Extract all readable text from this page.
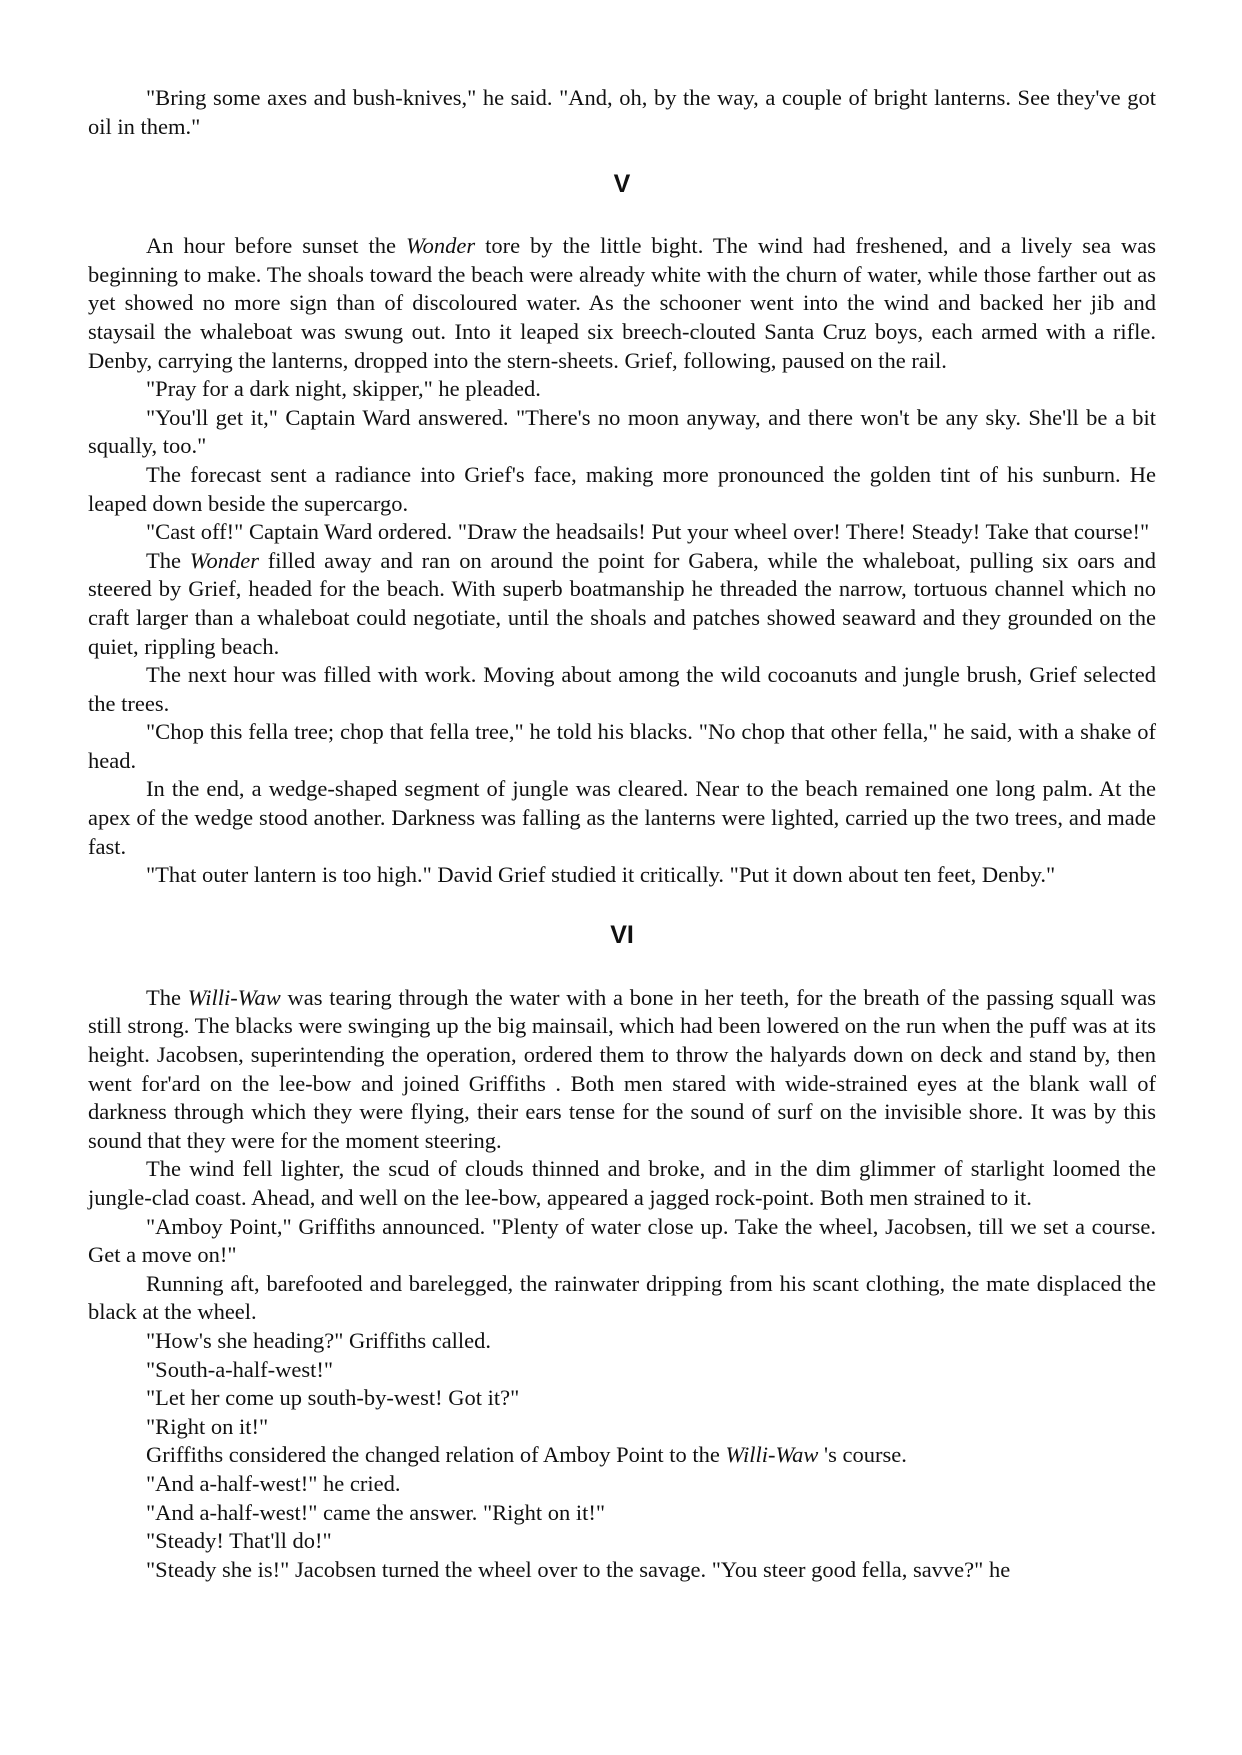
"Bring some axes and bush-knives," he said. "And, oh, by the way, a couple of bright lanterns. See they've got oil in them."

V

An hour before sunset the Wonder tore by the little bight. The wind had freshened, and a lively sea was beginning to make. The shoals toward the beach were already white with the churn of water, while those farther out as yet showed no more sign than of discoloured water. As the schooner went into the wind and backed her jib and staysail the whaleboat was swung out. Into it leaped six breech-clouted Santa Cruz boys, each armed with a rifle. Denby, carrying the lanterns, dropped into the stern-sheets. Grief, following, paused on the rail.

"Pray for a dark night, skipper," he pleaded.

"You'll get it," Captain Ward answered. "There's no moon anyway, and there won't be any sky. She'll be a bit squally, too."

The forecast sent a radiance into Grief's face, making more pronounced the golden tint of his sunburn. He leaped down beside the supercargo.

"Cast off!" Captain Ward ordered. "Draw the headsails! Put your wheel over! There! Steady! Take that course!"

The Wonder filled away and ran on around the point for Gabera, while the whaleboat, pulling six oars and steered by Grief, headed for the beach. With superb boatmanship he threaded the narrow, tortuous channel which no craft larger than a whaleboat could negotiate, until the shoals and patches showed seaward and they grounded on the quiet, rippling beach.

The next hour was filled with work. Moving about among the wild cocoanuts and jungle brush, Grief selected the trees.

"Chop this fella tree; chop that fella tree," he told his blacks. "No chop that other fella," he said, with a shake of head.

In the end, a wedge-shaped segment of jungle was cleared. Near to the beach remained one long palm. At the apex of the wedge stood another. Darkness was falling as the lanterns were lighted, carried up the two trees, and made fast.

"That outer lantern is too high." David Grief studied it critically. "Put it down about ten feet, Denby."

VI

The Willi-Waw was tearing through the water with a bone in her teeth, for the breath of the passing squall was still strong. The blacks were swinging up the big mainsail, which had been lowered on the run when the puff was at its height. Jacobsen, superintending the operation, ordered them to throw the halyards down on deck and stand by, then went for'ard on the lee-bow and joined Griffiths . Both men stared with wide-strained eyes at the blank wall of darkness through which they were flying, their ears tense for the sound of surf on the invisible shore. It was by this sound that they were for the moment steering.

The wind fell lighter, the scud of clouds thinned and broke, and in the dim glimmer of starlight loomed the jungle-clad coast. Ahead, and well on the lee-bow, appeared a jagged rock-point. Both men strained to it.

"Amboy Point," Griffiths announced. "Plenty of water close up. Take the wheel, Jacobsen, till we set a course. Get a move on!"

Running aft, barefooted and barelegged, the rainwater dripping from his scant clothing, the mate displaced the black at the wheel.

"How's she heading?" Griffiths called.

"South-a-half-west!"

"Let her come up south-by-west! Got it?"

"Right on it!"

Griffiths considered the changed relation of Amboy Point to the Willi-Waw 's course.

"And a-half-west!" he cried.

"And a-half-west!" came the answer. "Right on it!"

"Steady! That'll do!"

"Steady she is!" Jacobsen turned the wheel over to the savage. "You steer good fella, savve?" he
